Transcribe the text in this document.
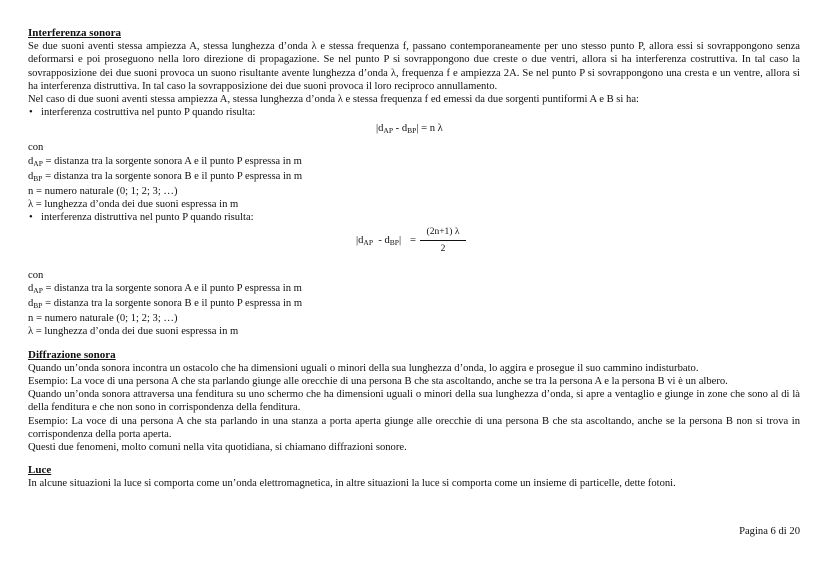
Interferenza sonora

Se due suoni aventi stessa ampiezza A, stessa lunghezza d’onda λ e stessa frequenza f, passano contemporaneamente per uno stesso punto P, allora essi si sovrappongono senza deformarsi e poi proseguono nella loro direzione di propagazione. Se nel punto P si sovrappongono due creste o due ventri, allora si ha interferenza costruttiva. In tal caso la sovrapposizione dei due suoni provoca un suono risultante avente lunghezza d’onda λ, frequenza f e ampiezza 2A. Se nel punto P si sovrappongono una cresta e un ventre, allora si ha interferenza distruttiva. In tal caso la sovrapposizione dei due suoni provoca il loro reciproco annullamento.

Nel caso di due suoni aventi stessa ampiezza A, stessa lunghezza d’onda λ e stessa frequenza f ed emessi da due sorgenti puntiformi A e B si ha:

• interferenza costruttiva nel punto P quando risulta:

$|d_{AP} - d_{BP}| = n$ λ

con

$d_{AP}$ = distanza tra la sorgente sonora A e il punto P espressa in m

$d_{BP}$ = distanza tra la sorgente sonora B e il punto P espressa in m

n = numero naturale (0; 1; 2; 3; …)

λ = lunghezza d’onda dei due suoni espressa in m

• interferenza distruttiva nel punto P quando risulta:

$|d_{AP} - d_{BP}| = \frac{(2n+1) \lambda}{2}$

con

$d_{AP}$ = distanza tra la sorgente sonora A e il punto P espressa in m

$d_{BP}$ = distanza tra la sorgente sonora B e il punto P espressa in m

n = numero naturale (0; 1; 2; 3; …)

λ = lunghezza d’onda dei due suoni espressa in m

Diffrazione sonora

Quando un’onda sonora incontra un ostacolo che ha dimensioni uguali o minori della sua lunghezza d’onda, lo aggira e prosegue il suo cammino indisturbato.

Esempio: La voce di una persona A che sta parlando giunge alle orecchie di una persona B che sta ascoltando, anche se tra la persona A e la persona B vi è un albero.

Quando un’onda sonora attraversa una fenditura su uno schermo che ha dimensioni uguali o minori della sua lunghezza d’onda, si apre a ventaglio e giunge in zone che sono al di là della fenditura e che non sono in corrispondenza della fenditura.

Esempio: La voce di una persona A che sta parlando in una stanza a porta aperta giunge alle orecchie di una persona B che sta ascoltando, anche se la persona B non si trova in corrispondenza della porta aperta.

Questi due fenomeni, molto comuni nella vita quotidiana, si chiamano diffrazioni sonore.

Luce

In alcune situazioni la luce si comporta come un’onda elettromagnetica, in altre situazioni la luce si comporta come un insieme di particelle, dette fotoni.

Pagina 6 di 20
